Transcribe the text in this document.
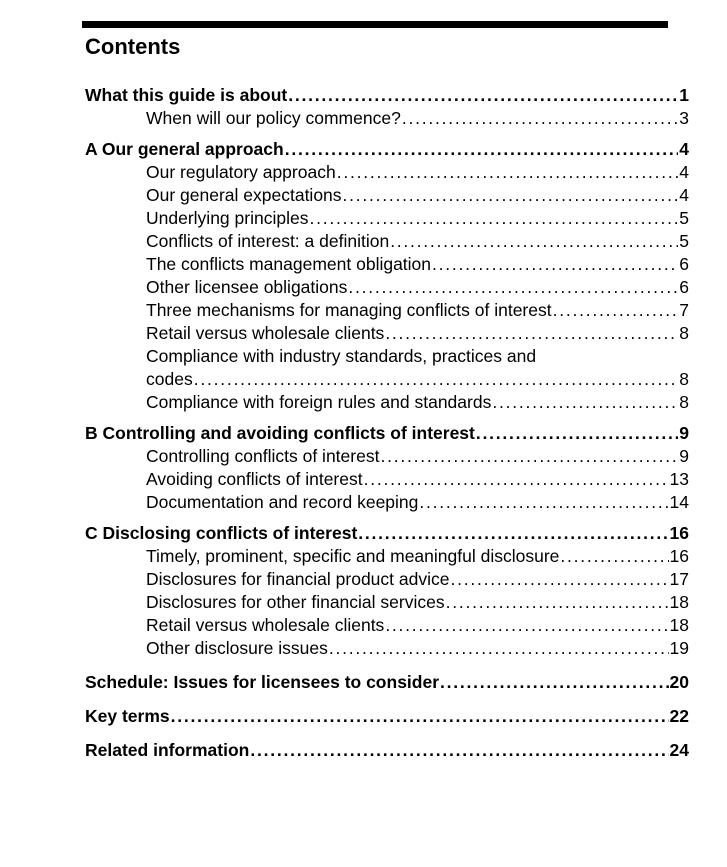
Contents
What this guide is about . . .	1
When will our policy commence? . . .	3
A Our general approach . . .	4
Our regulatory approach . . .	4
Our general expectations . . .	4
Underlying principles . . .	5
Conflicts of interest: a definition . . .	5
The conflicts management obligation . . .	6
Other licensee obligations . . .	6
Three mechanisms for managing conflicts of interest . . .	7
Retail versus wholesale clients . . .	8
Compliance with industry standards, practices and
codes . . .	8
Compliance with foreign rules and standards . . .	8
B Controlling and avoiding conflicts of interest . . .	9
Controlling conflicts of interest . . .	9
Avoiding conflicts of interest . . .	13
Documentation and record keeping . . .	14
C Disclosing conflicts of interest . . .	16
Timely, prominent, specific and meaningful disclosure . . .	16
Disclosures for financial product advice . . .	17
Disclosures for other financial services . . .	18
Retail versus wholesale clients . . .	18
Other disclosure issues . . .	19
Schedule: Issues for licensees to consider . . .	20
Key terms . . .	22
Related information . . .	24
